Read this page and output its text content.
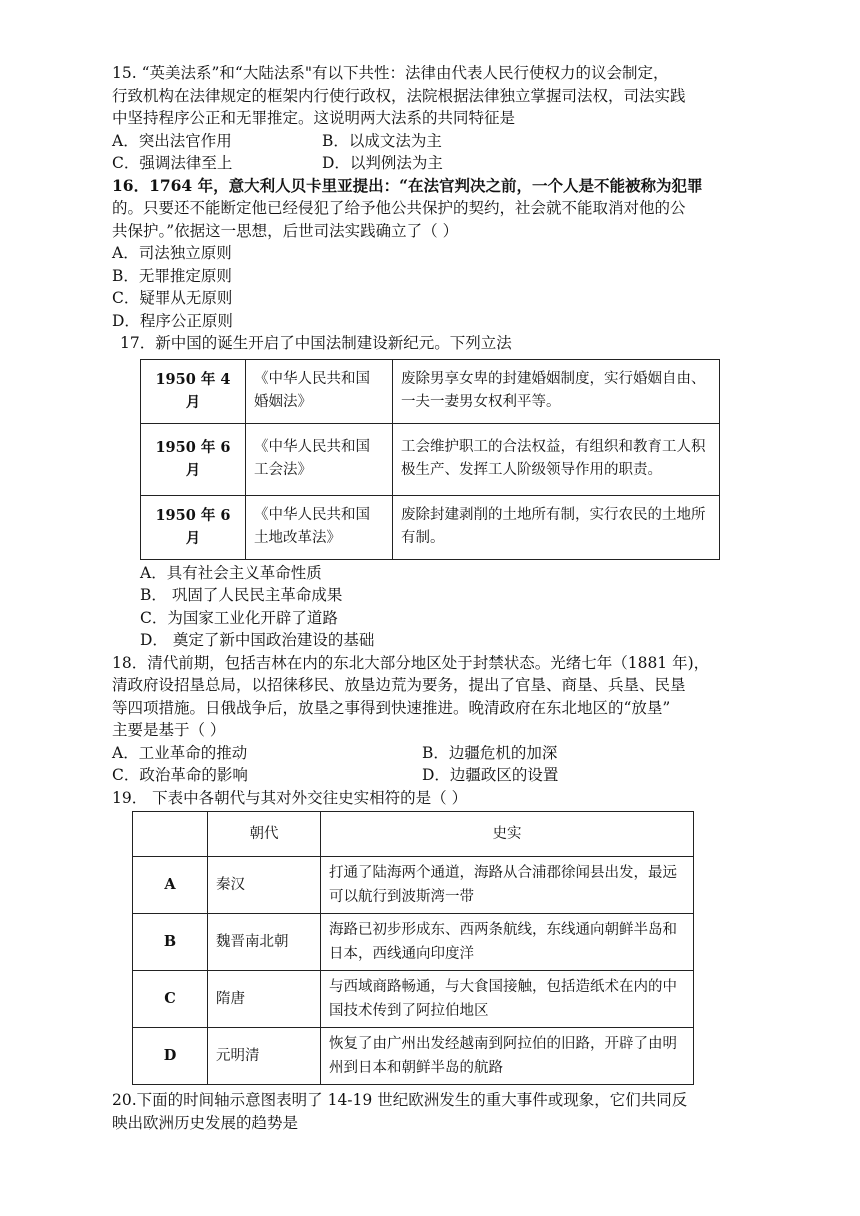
15. “英美法系”和“大陆法系"有以下共性：法律由代表人民行使权力的议会制定，
行致机构在法律规定的框架内行使行政权，法院根据法律独立掌握司法权，司法实践
中坚持程序公正和无罪推定。这说明两大法系的共同特征是
A．突出法官作用	B．以成文法为主
C．强调法律至上	D．以判例法为主
16．1764 年，意大利人贝卡里亚提出：“在法官判决之前，一个人是不能被称为犯罪
的。只要还不能断定他已经侵犯了给予他公共保护的契约，社会就不能取消对他的公
共保护。”依据这一思想，后世司法实践确立了（ ）
A．司法独立原则
B．无罪推定原则
C．疑罪从无原则
D．程序公正原则
17．新中国的诞生开启了中国法制建设新纪元。下列立法
1950 年 4 月	《中华人民共和国婚姻法》	废除男享女卑的封建婚姻制度，实行婚姻自由、一夫一妻男女权利平等。
1950 年 6 月	《中华人民共和国工会法》	工会维护职工的合法权益，有组织和教育工人积极生产、发挥工人阶级领导作用的职责。
1950 年 6 月	《中华人民共和国土地改革法》	废除封建剥削的土地所有制，实行农民的土地所有制。
A．具有社会主义革命性质
B． 巩固了人民民主革命成果
C．为国家工业化开辟了道路
D． 奠定了新中国政治建设的基础
18．清代前期，包括吉林在内的东北大部分地区处于封禁状态。光绪七年（1881 年)，
清政府设招垦总局，以招徕移民、放垦边荒为要务，提出了官垦、商垦、兵垦、民垦
等四项措施。日俄战争后，放垦之事得到快速推进。晚清政府在东北地区的“放垦”
主要是基于（ ）
A．工业革命的推动	B．边疆危机的加深
C．政治革命的影响	D．边疆政区的设置
19． 下表中各朝代与其对外交往史实相符的是（ ）
	朝代	史实
A	秦汉	打通了陆海两个通道，海路从合浦郡徐闻县出发，最远可以航行到波斯湾一带
B	魏晋南北朝	海路已初步形成东、西两条航线，东线通向朝鲜半岛和日本，西线通向印度洋
C	隋唐	与西域商路畅通，与大食国接触，包括造纸术在内的中国技术传到了阿拉伯地区
D	元明清	恢复了由广州出发经越南到阿拉伯的旧路，开辟了由明州到日本和朝鲜半岛的航路
20.下面的时间轴示意图表明了 14-19 世纪欧洲发生的重大事件或现象，它们共同反
映出欧洲历史发展的趋势是
